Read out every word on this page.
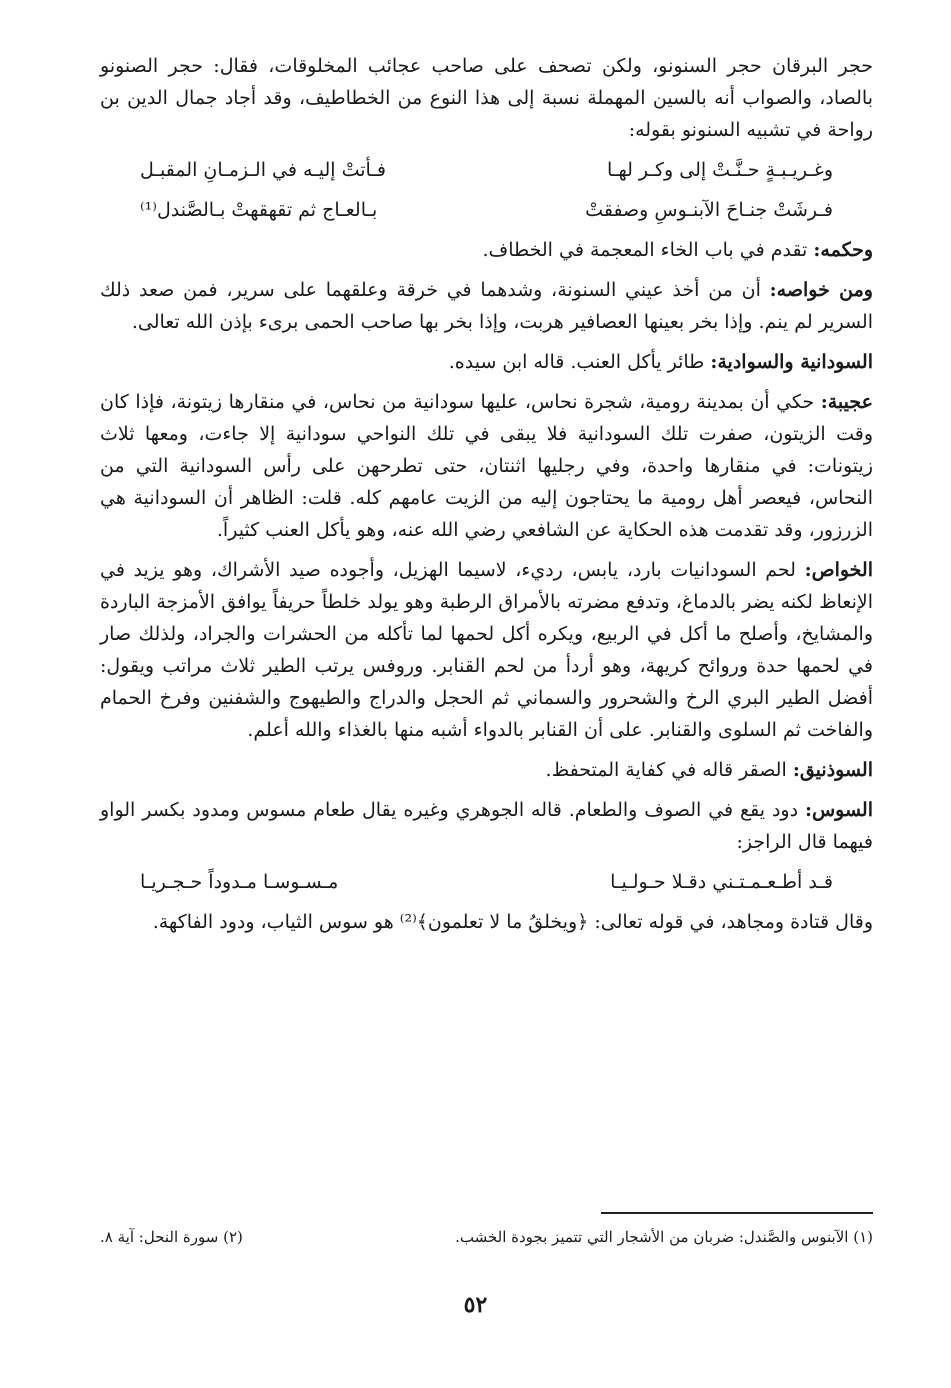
حجر البرقان حجر السنونو، ولكن تصحف على صاحب عجائب المخلوقات، فقال: حجر الصنونو بالصاد، والصواب أنه بالسين المهملة نسبة إلى هذا النوع من الخطاطيف، وقد أجاد جمال الدين بن رواحة في تشبيه السنونو بقوله:

وغـريـبـةٍ حـنَّـتْ إلى وكـر لهـا
فـأتتْ إليـه في الـزمـانِ المقبـل
فـرشَتْ جنـاحَ الآبنـوسِ وصفقتْ
بـالعـاج ثم تقهقهتْ بـالصَّندل⁽¹⁾

وحكمه: تقدم في باب الخاء المعجمة في الخطاف.

ومن خواصه: أن من أخذ عيني السنونة، وشدهما في خرقة وعلقهما على سرير، فمن صعد ذلك السرير لم ينم. وإذا بخر بعينها العصافير هربت، وإذا بخر بها صاحب الحمى برىء بإذن الله تعالى.

السودانية والسوادية: طائر يأكل العنب. قاله ابن سيده.

عجيبة: حكي أن بمدينة رومية، شجرة نحاس، عليها سودانية من نحاس، في منقارها زيتونة، فإذا كان وقت الزيتون، صفرت تلك السودانية فلا يبقى في تلك النواحي سودانية إلا جاءت، ومعها ثلاث زيتونات: في منقارها واحدة، وفي رجليها اثنتان، حتى تطرحهن على رأس السودانية التي من النحاس، فيعصر أهل رومية ما يحتاجون إليه من الزيت عامهم كله. قلت: الظاهر أن السودانية هي الزرزور، وقد تقدمت هذه الحكاية عن الشافعي رضي الله عنه، وهو يأكل العنب كثيراً.

الخواص: لحم السودانيات بارد، يابس، رديء، لاسيما الهزيل، وأجوده صيد الأشراك، وهو يزيد في الإنعاظ لكنه يضر بالدماغ، وتدفع مضرته بالأمراق الرطبة وهو يولد خلطاً حريفاً يوافق الأمزجة الباردة والمشايخ، وأصلح ما أكل في الربيع، ويكره أكل لحمها لما تأكله من الحشرات والجراد، ولذلك صار في لحمها حدة وروائح كريهة، وهو أردأ من لحم القنابر. وروفس يرتب الطير ثلاث مراتب ويقول: أفضل الطير البري الرخ والشحرور والسماني ثم الحجل والدراج والطيهوج والشفنين وفرخ الحمام والفاخت ثم السلوى والقنابر. على أن القنابر بالدواء أشبه منها بالغذاء والله أعلم.

السوذنيق: الصقر قاله في كفاية المتحفظ.

السوس: دود يقع في الصوف والطعام. قاله الجوهري وغيره يقال طعام مسوس ومدود بكسر الواو فيهما قال الراجز:

قـد أطـعـمـتـني دقـلا حـولـيـا
مـسـوسـا مـدوداً حـجـريـا

وقال قتادة ومجاهد، في قوله تعالى: ﴿ويخلقُ ما لا تعلمون﴾⁽²⁾ هو سوس الثياب، ودود الفاكهة.

(١) الآبنوس والصَّندل: ضربان من الأشجار التي تتميز بجودة الخشب.
(٢) سورة النحل: آية ٨.
٥٢
